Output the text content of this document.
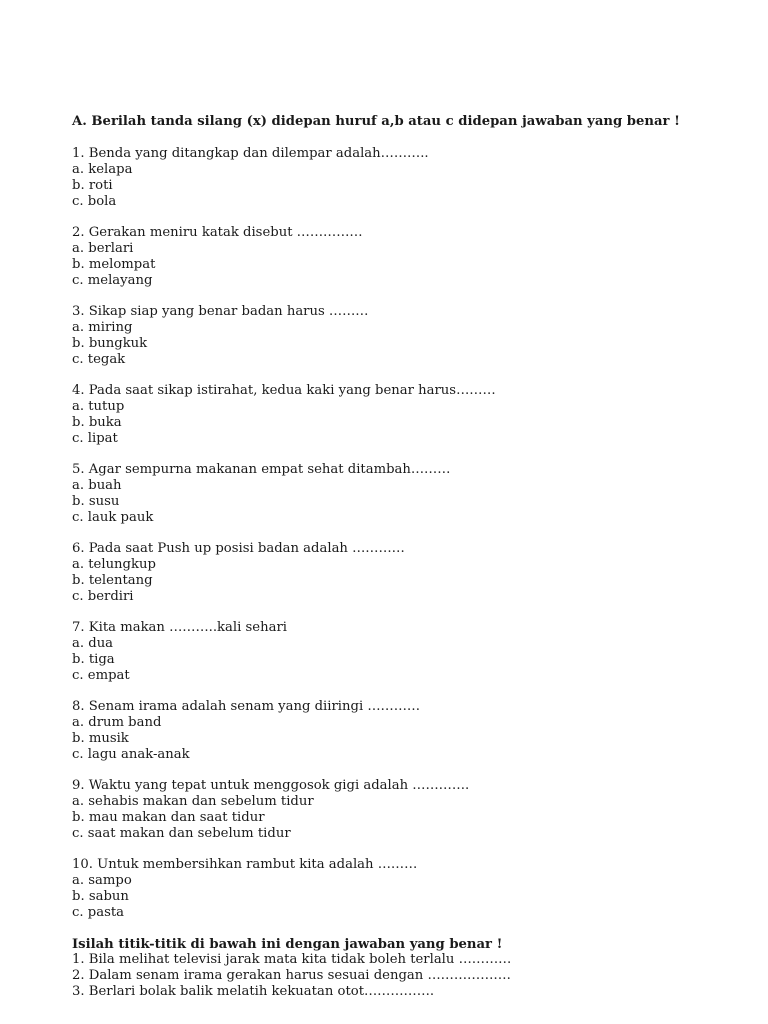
A. Berilah tanda silang (x) didepan huruf a,b atau c didepan jawaban yang benar !
1. Benda yang ditangkap dan dilempar adalah………..
a. kelapa
b. roti
c. bola
2. Gerakan meniru katak disebut ……………
a. berlari
b. melompat
c. melayang
3. Sikap siap yang benar badan harus ………
a. miring
b. bungkuk
c. tegak
4. Pada saat sikap istirahat, kedua kaki yang benar harus………
a. tutup
b. buka
c. lipat
5. Agar sempurna makanan empat sehat ditambah………
a. buah
b. susu
c. lauk pauk
6. Pada saat Push up posisi badan adalah …………
a. telungkup
b. telentang
c. berdiri
7. Kita makan ………..kali sehari
a. dua
b. tiga
c. empat
8. Senam irama adalah senam yang diiringi …………
a. drum band
b. musik
c. lagu anak-anak
9. Waktu yang tepat untuk menggosok gigi adalah ………….
a. sehabis makan dan sebelum tidur
b. mau makan dan saat tidur
c. saat makan dan sebelum tidur
10. Untuk membersihkan rambut kita adalah ………
a. sampo
b. sabun
c. pasta
Isilah titik-titik di bawah ini dengan jawaban yang benar !
1. Bila melihat televisi jarak mata kita tidak boleh terlalu …………
2. Dalam senam irama gerakan harus sesuai dengan ……………….
3. Berlari bolak balik melatih kekuatan otot…………….
